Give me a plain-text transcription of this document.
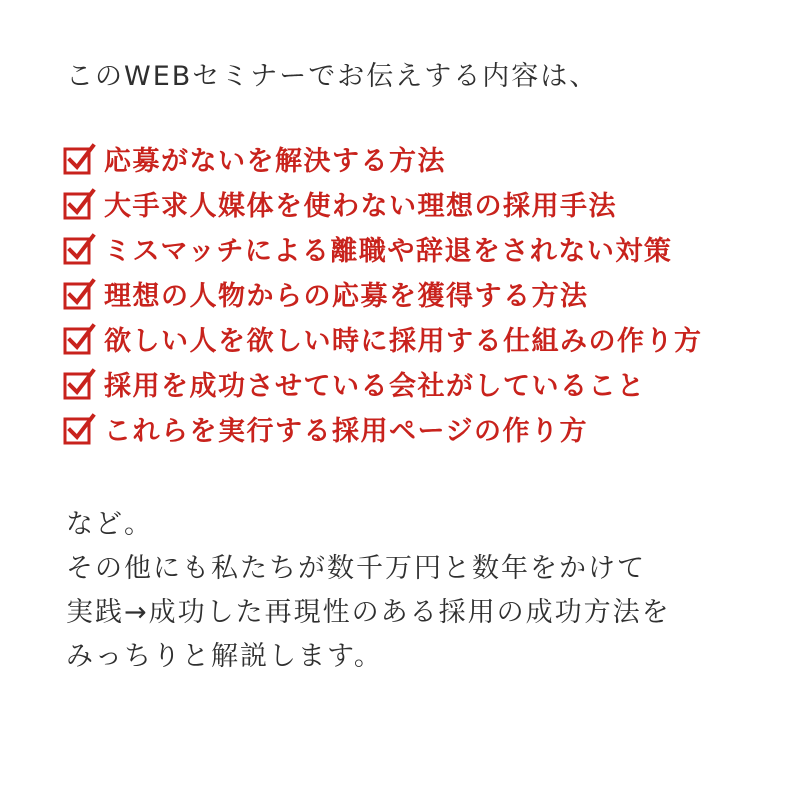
このWEBセミナーでお伝えする内容は、
応募がないを解決する方法
大手求人媒体を使わない理想の採用手法
ミスマッチによる離職や辞退をされない対策
理想の人物からの応募を獲得する方法
欲しい人を欲しい時に採用する仕組みの作り方
採用を成功させている会社がしていること
これらを実行する採用ページの作り方
など。
その他にも私たちが数千万円と数年をかけて
実践→成功した再現性のある採用の成功方法を
みっちりと解説します。
